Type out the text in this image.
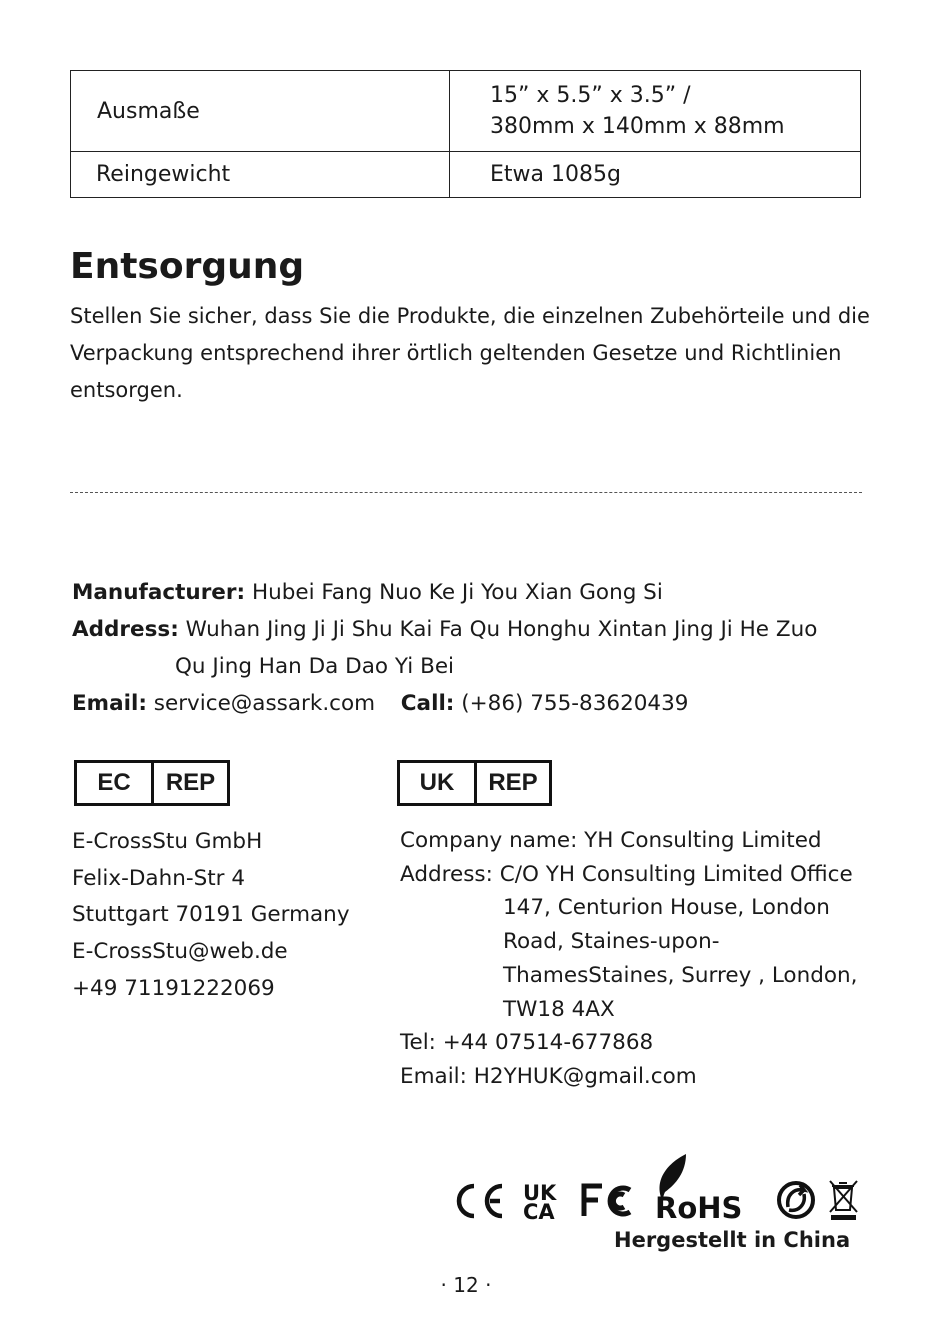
Ausmaße	15” x 5.5” x 3.5” /
380mm x 140mm x 88mm

Reingewicht	Etwa 1085g
Entsorgung
Stellen Sie sicher, dass Sie die Produkte, die einzelnen Zubehörteile und die Verpackung entsprechend ihrer örtlich geltenden Gesetze und Richtlinien entsorgen.
Manufacturer: Hubei Fang Nuo Ke Ji You Xian Gong Si
Address: Wuhan Jing Ji Ji Shu Kai Fa Qu Honghu Xintan Jing Ji He Zuo
Qu Jing Han Da Dao Yi Bei
Email: service@assark.com Call: (+86) 755-83620439
EC	REP
E-CrossStu GmbH
Felix-Dahn-Str 4
Stuttgart 70191 Germany
E-CrossStu@web.de
+49 71191222069
UK	REP
Company name: YH Consulting Limited
Address: C/O YH Consulting Limited Office
147, Centurion House, London
Road, Staines-upon-
ThamesStaines, Surrey , London,
TW18 4AX
Tel: +44 07514-677868
Email: H2YHUK@gmail.com
UK
CA	RoHS
Hergestellt in China
· 12 ·
